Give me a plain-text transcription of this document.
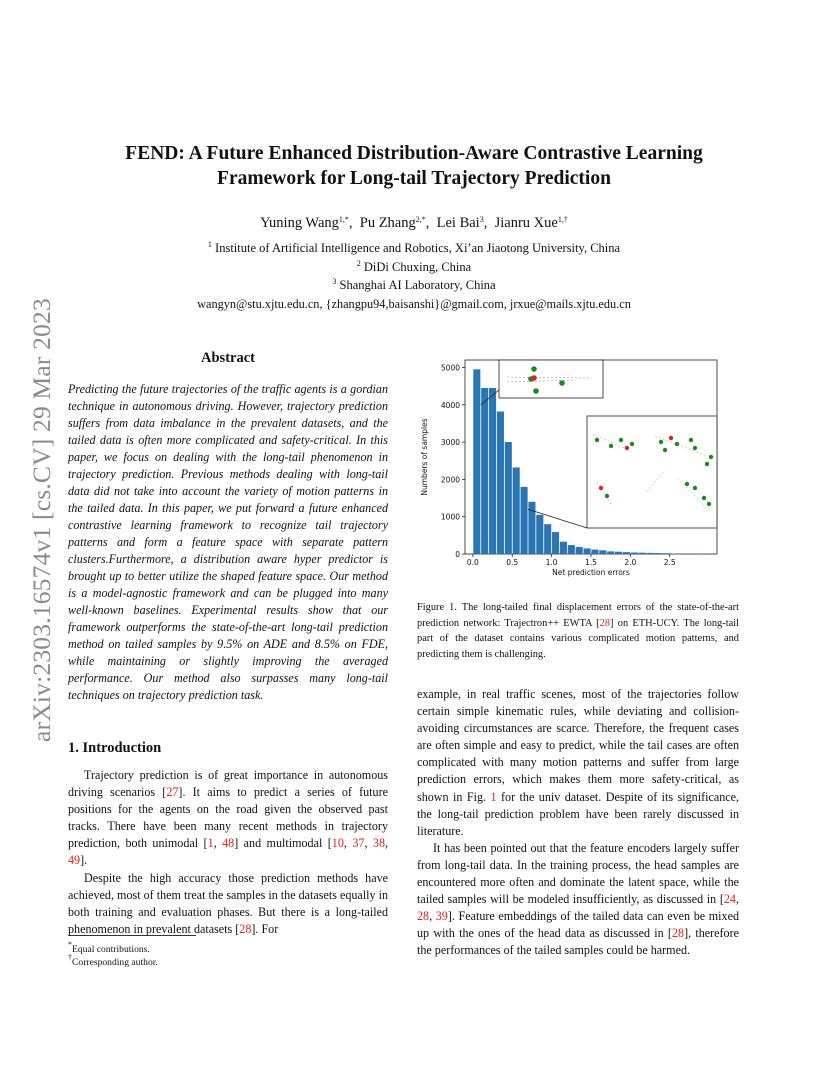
arXiv:2303.16574v1 [cs.CV] 29 Mar 2023
FEND: A Future Enhanced Distribution-Aware Contrastive Learning
Framework for Long-tail Trajectory Prediction
Yuning Wang$^{1,*}$,  Pu Zhang$^{2,*}$,  Lei Bai$^3$,  Jianru Xue$^{1,\dagger}$
$^1$ Institute of Artificial Intelligence and Robotics, Xi’an Jiaotong University, China
$^2$ DiDi Chuxing, China
$^3$ Shanghai AI Laboratory, China
wangyn@stu.xjtu.edu.cn, {zhangpu94,baisanshi}@gmail.com, jrxue@mails.xjtu.edu.cn
Abstract
Predicting the future trajectories of the traffic agents is a gordian technique in autonomous driving. However, trajectory prediction suffers from data imbalance in the prevalent datasets, and the tailed data is often more complicated and safety-critical. In this paper, we focus on dealing with the long-tail phenomenon in trajectory prediction. Previous methods dealing with long-tail data did not take into account the variety of motion patterns in the tailed data. In this paper, we put forward a future enhanced contrastive learning framework to recognize tail trajectory patterns and form a feature space with separate pattern clusters.Furthermore, a distribution aware hyper predictor is brought up to better utilize the shaped feature space. Our method is a model-agnostic framework and can be plugged into many well-known baselines. Experimental results show that our framework outperforms the state-of-the-art long-tail prediction method on tailed samples by 9.5% on ADE and 8.5% on FDE, while maintaining or slightly improving the averaged performance. Our method also surpasses many long-tail techniques on trajectory prediction task.
1. Introduction

Trajectory prediction is of great importance in autonomous driving scenarios [27]. It aims to predict a series of future positions for the agents on the road given the observed past tracks. There have been many recent methods in trajectory prediction, both unimodal [1, 48] and multimodal [10, 37, 38, 49].

Despite the high accuracy those prediction methods have achieved, most of them treat the samples in the datasets equally in both training and evaluation phases. But there is a long-tailed phenomenon in prevalent datasets [28]. For

*Equal contributions.
†Corresponding author.
0
1000
2000
3000
4000
5000
0.0	0.5	1.0	1.5	2.0	2.5
Net prediction errors
Numbers of samples
Figure 1. The long-tailed final displacement errors of the state-of-the-art prediction network: Trajectron++ EWTA [28] on ETH-UCY. The long-tail part of the dataset contains various complicated motion patterns, and predicting them is challenging.

example, in real traffic scenes, most of the trajectories follow certain simple kinematic rules, while deviating and collision-avoiding circumstances are scarce. Therefore, the frequent cases are often simple and easy to predict, while the tail cases are often complicated with many motion patterns and suffer from large prediction errors, which makes them more safety-critical, as shown in Fig. 1 for the univ dataset. Despite of its significance, the long-tail prediction problem have been rarely discussed in literature.

It has been pointed out that the feature encoders largely suffer from long-tail data. In the training process, the head samples are encountered more often and dominate the latent space, while the tailed samples will be modeled insufficiently, as discussed in [24, 28, 39]. Feature embeddings of the tailed data can even be mixed up with the ones of the head data as discussed in [28], therefore the performances of the tailed samples could be harmed.
